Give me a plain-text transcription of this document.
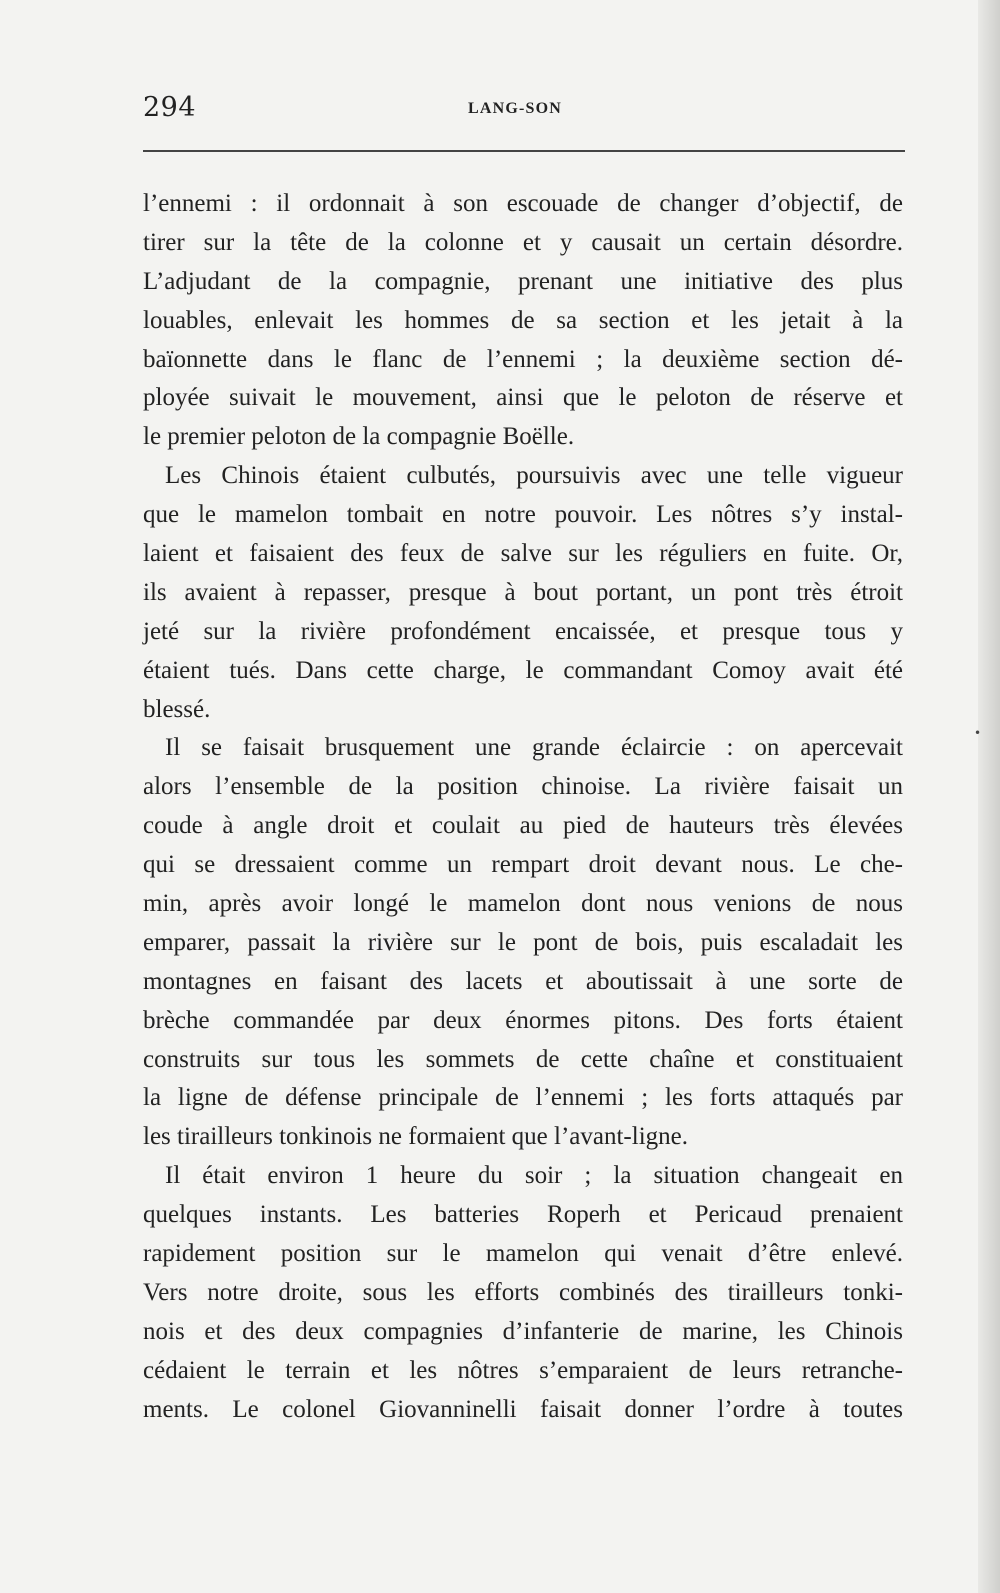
294	LANG-SON
l’ennemi : il ordonnait à son escouade de changer d’objectif, de
tirer sur la tête de la colonne et y causait un certain désordre.
L’adjudant de la compagnie, prenant une initiative des plus
louables, enlevait les hommes de sa section et les jetait à la
baïonnette dans le flanc de l’ennemi ; la deuxième section dé-
ployée suivait le mouvement, ainsi que le peloton de réserve et
le premier peloton de la compagnie Boëlle.
Les Chinois étaient culbutés, poursuivis avec une telle vigueur
que le mamelon tombait en notre pouvoir. Les nôtres s’y instal-
laient et faisaient des feux de salve sur les réguliers en fuite. Or,
ils avaient à repasser, presque à bout portant, un pont très étroit
jeté sur la rivière profondément encaissée, et presque tous y
étaient tués. Dans cette charge, le commandant Comoy avait été
blessé.
Il se faisait brusquement une grande éclaircie : on apercevait
alors l’ensemble de la position chinoise. La rivière faisait un
coude à angle droit et coulait au pied de hauteurs très élevées
qui se dressaient comme un rempart droit devant nous. Le che-
min, après avoir longé le mamelon dont nous venions de nous
emparer, passait la rivière sur le pont de bois, puis escaladait les
montagnes en faisant des lacets et aboutissait à une sorte de
brèche commandée par deux énormes pitons. Des forts étaient
construits sur tous les sommets de cette chaîne et constituaient
la ligne de défense principale de l’ennemi ; les forts attaqués par
les tirailleurs tonkinois ne formaient que l’avant-ligne.
Il était environ 1 heure du soir ; la situation changeait en
quelques instants. Les batteries Roperh et Pericaud prenaient
rapidement position sur le mamelon qui venait d’être enlevé.
Vers notre droite, sous les efforts combinés des tirailleurs tonki-
nois et des deux compagnies d’infanterie de marine, les Chinois
cédaient le terrain et les nôtres s’emparaient de leurs retranche-
ments. Le colonel Giovanninelli faisait donner l’ordre à toutes
•
